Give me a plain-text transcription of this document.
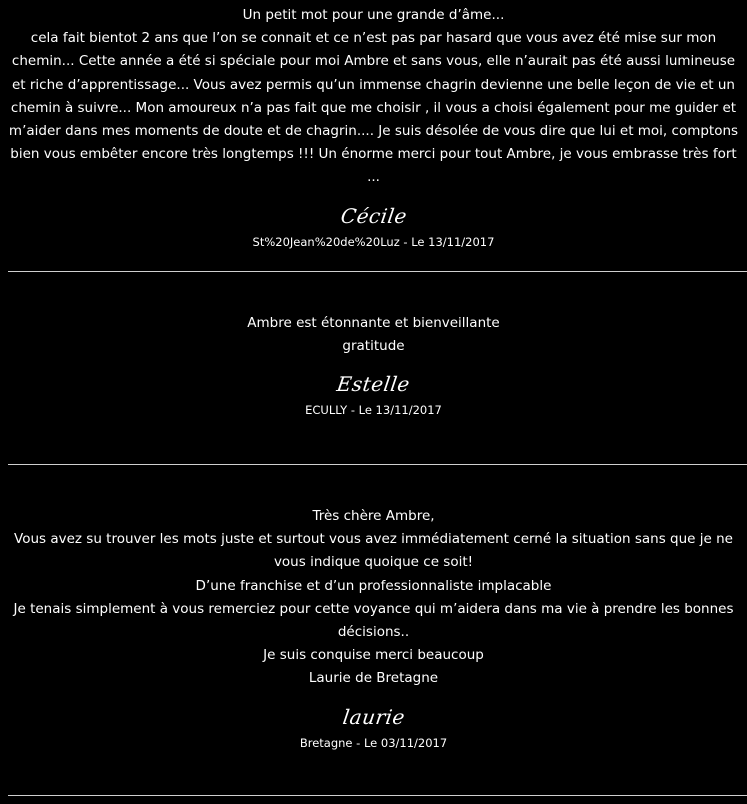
Un petit mot pour une grande d’âme...

cela fait bientot 2 ans que l’on se connait et ce n’est pas par hasard que vous avez été mise sur mon chemin... Cette année a été si spéciale pour moi Ambre et sans vous, elle n’aurait pas été aussi lumineuse et riche d’apprentissage... Vous avez permis qu’un immense chagrin devienne une belle leçon de vie et un chemin à suivre... Mon amoureux n’a pas fait que me choisir , il vous a choisi également pour me guider et m’aider dans mes moments de doute et de chagrin.... Je suis désolée de vous dire que lui et moi, comptons bien vous embêter encore très longtemps !!! Un énorme merci pour tout Ambre, je vous embrasse très fort ...

Cécile
St%20Jean%20de%20Luz - Le 13/11/2017

Ambre est étonnante et bienveillante

gratitude

Estelle
ECULLY - Le 13/11/2017

Très chère Ambre,

Vous avez su trouver les mots juste et surtout vous avez immédiatement cerné la situation sans que je ne vous indique quoique ce soit!

D’une franchise et d’un professionnaliste implacable

Je tenais simplement à vous remerciez pour cette voyance qui m’aidera dans ma vie à prendre les bonnes décisions..

Je suis conquise merci beaucoup

Laurie de Bretagne

laurie
Bretagne - Le 03/11/2017
